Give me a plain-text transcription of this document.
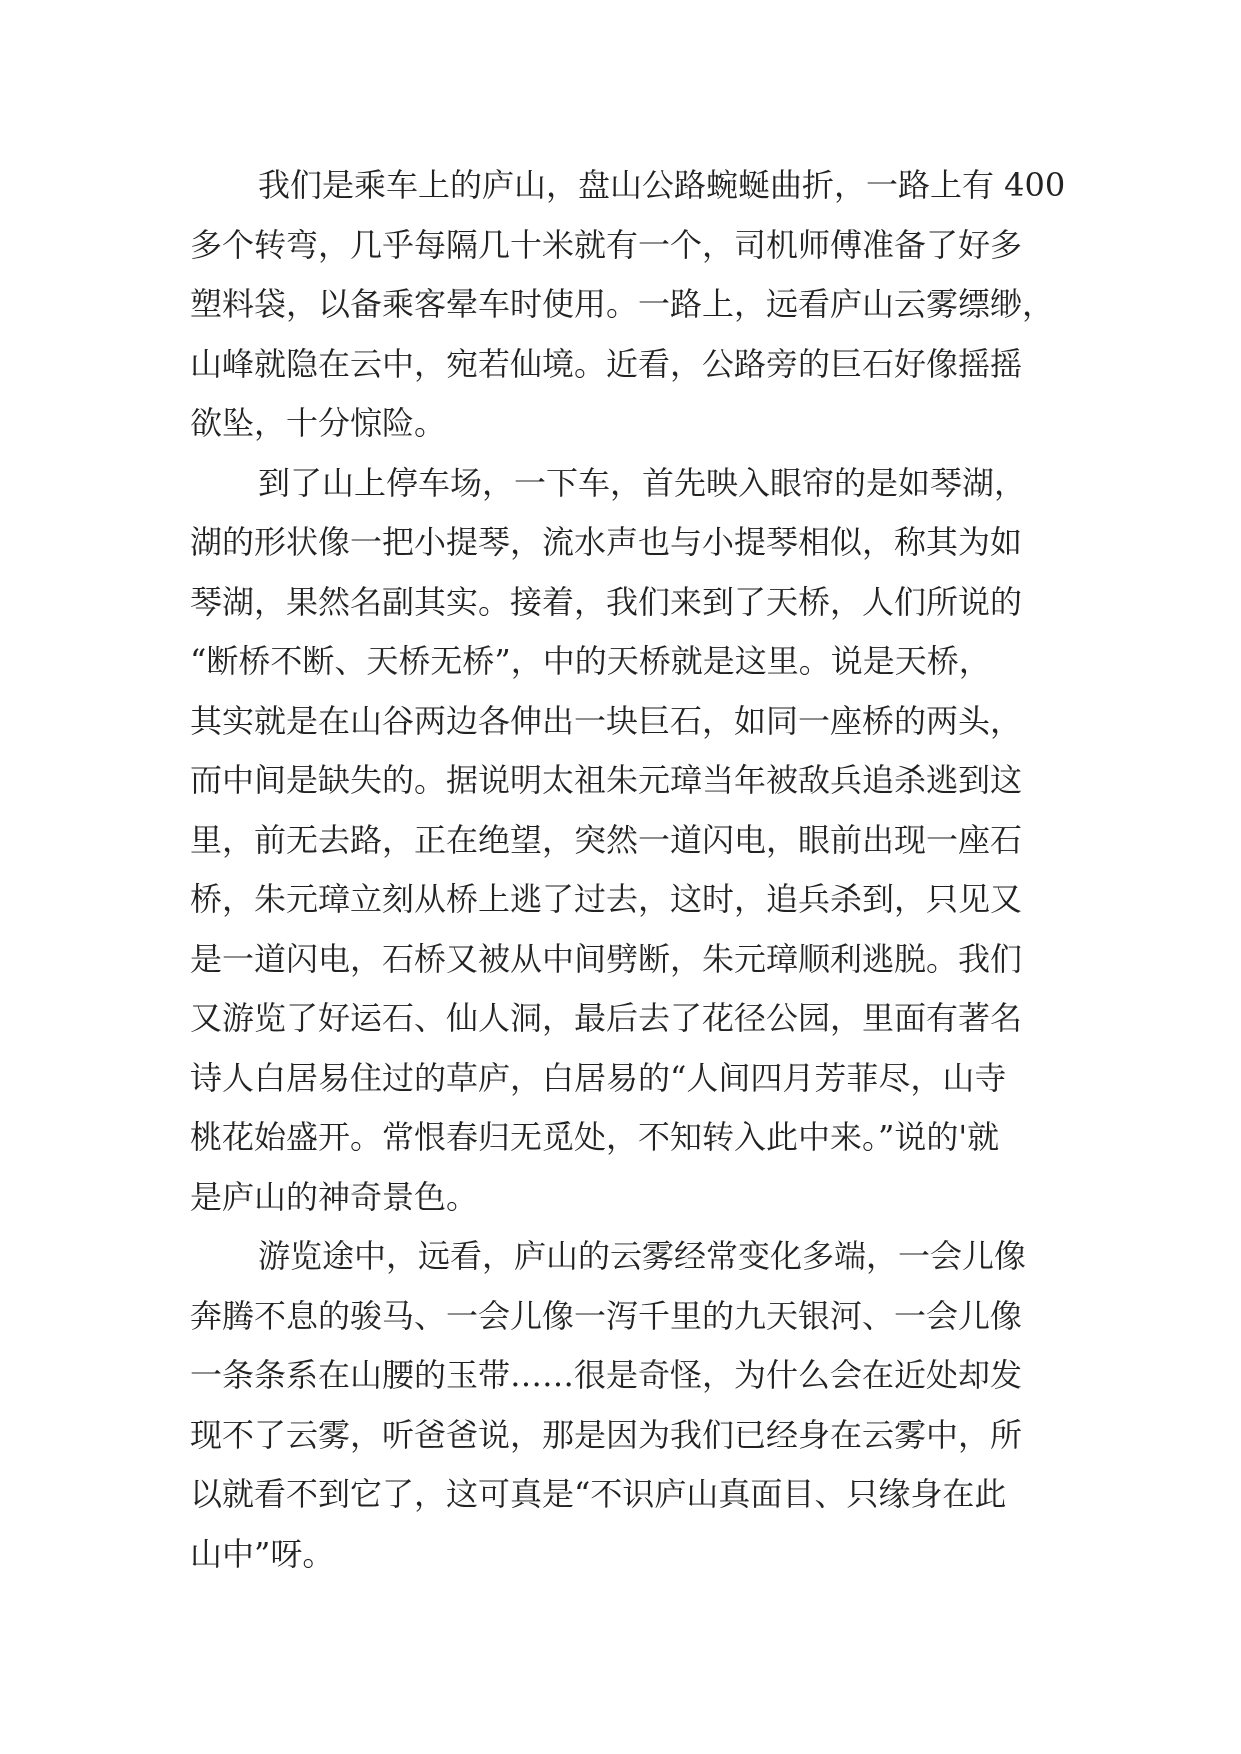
我们是乘车上的庐山，盘山公路蜿蜒曲折，一路上有 400
多个转弯，几乎每隔几十米就有一个，司机师傅准备了好多
塑料袋，以备乘客晕车时使用。一路上，远看庐山云雾缥缈，
山峰就隐在云中，宛若仙境。近看，公路旁的巨石好像摇摇
欲坠，十分惊险。
到了山上停车场，一下车，首先映入眼帘的是如琴湖，
湖的形状像一把小提琴，流水声也与小提琴相似，称其为如
琴湖，果然名副其实。接着，我们来到了天桥，人们所说的
“断桥不断、天桥无桥”，中的天桥就是这里。说是天桥，
其实就是在山谷两边各伸出一块巨石，如同一座桥的两头，
而中间是缺失的。据说明太祖朱元璋当年被敌兵追杀逃到这
里，前无去路，正在绝望，突然一道闪电，眼前出现一座石
桥，朱元璋立刻从桥上逃了过去，这时，追兵杀到，只见又
是一道闪电，石桥又被从中间劈断，朱元璋顺利逃脱。我们
又游览了好运石、仙人洞，最后去了花径公园，里面有著名
诗人白居易住过的草庐，白居易的“人间四月芳菲尽，山寺
桃花始盛开。常恨春归无觅处，不知转入此中来。”说的'就
是庐山的神奇景色。
游览途中，远看，庐山的云雾经常变化多端，一会儿像
奔腾不息的骏马、一会儿像一泻千里的九天银河、一会儿像
一条条系在山腰的玉带……很是奇怪，为什么会在近处却发
现不了云雾，听爸爸说，那是因为我们已经身在云雾中，所
以就看不到它了，这可真是“不识庐山真面目、只缘身在此
山中”呀。
